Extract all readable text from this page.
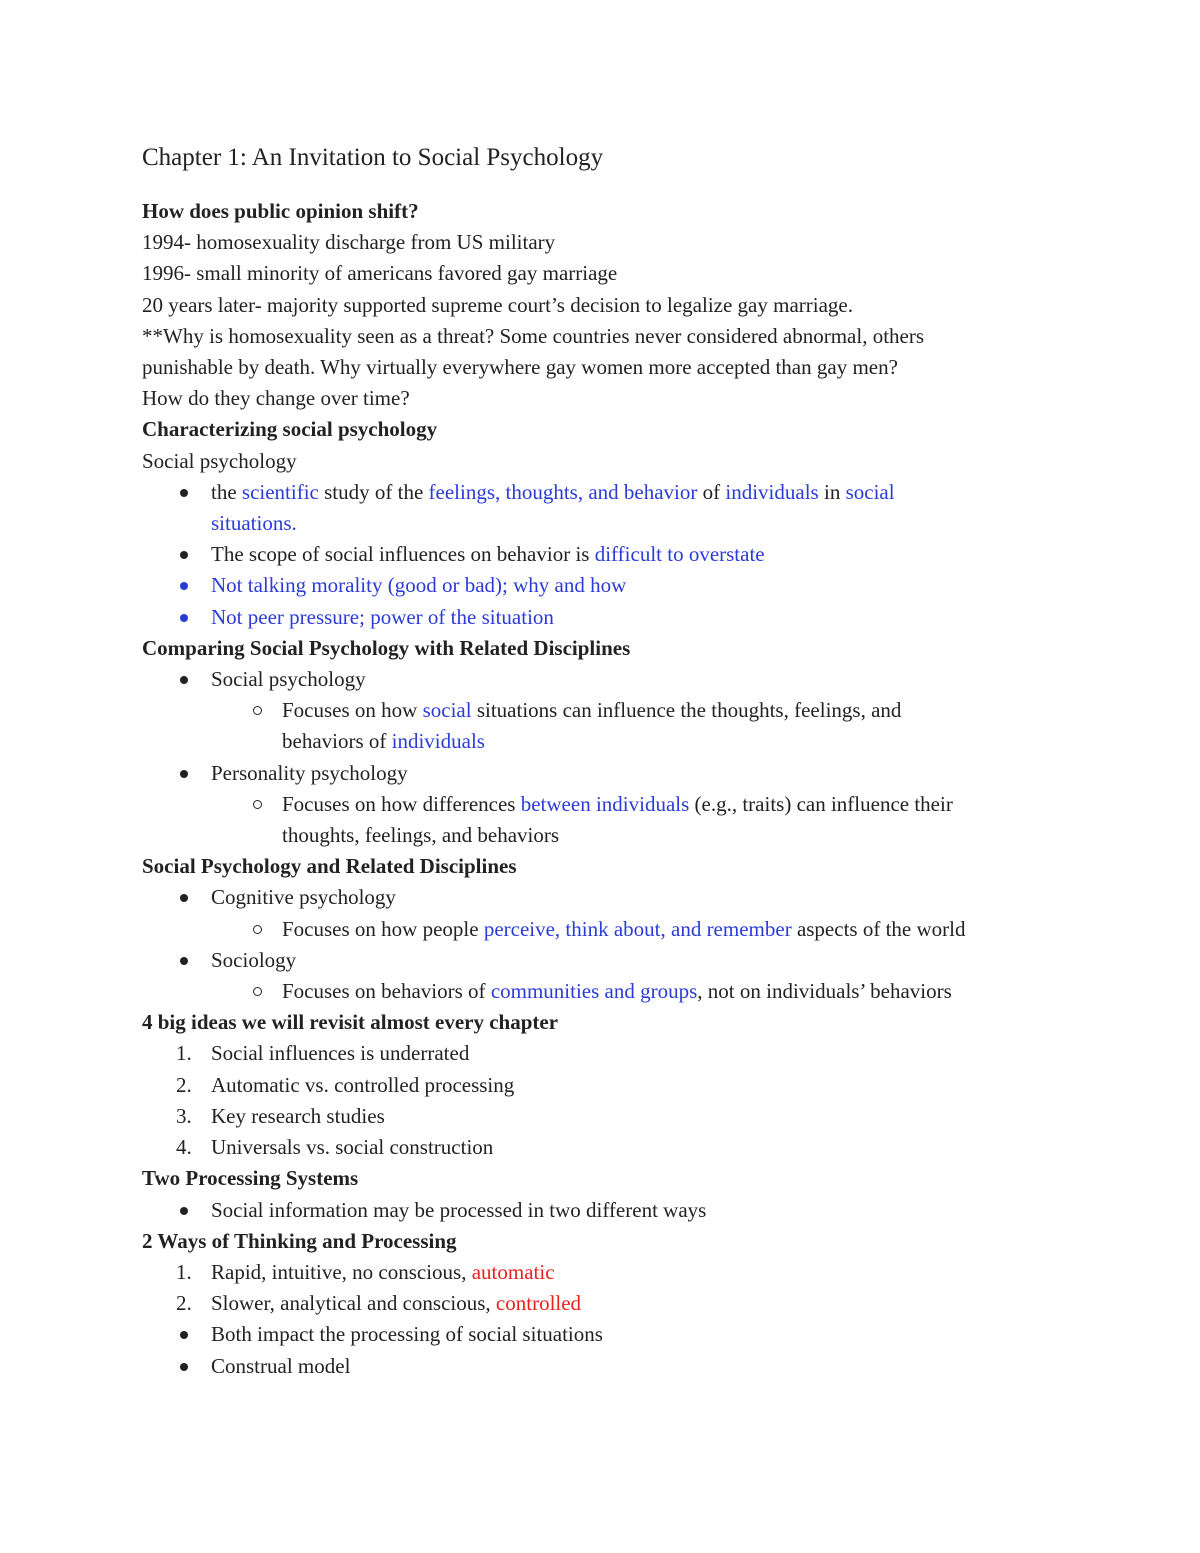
Chapter 1: An Invitation to Social Psychology
How does public opinion shift?
1994- homosexuality discharge from US military
1996- small minority of americans favored gay marriage
20 years later- majority supported supreme court’s decision to legalize gay marriage.
**Why is homosexuality seen as a threat? Some countries never considered abnormal, others
punishable by death. Why virtually everywhere gay women more accepted than gay men?
How do they change over time?
Characterizing social psychology
Social psychology
the scientific study of the feelings, thoughts, and behavior of individuals in social
situations.
The scope of social influences on behavior is difficult to overstate
Not talking morality (good or bad); why and how
Not peer pressure; power of the situation
Comparing Social Psychology with Related Disciplines
Social psychology
Focuses on how social situations can influence the thoughts, feelings, and
behaviors of individuals
Personality psychology
Focuses on how differences between individuals (e.g., traits) can influence their
thoughts, feelings, and behaviors
Social Psychology and Related Disciplines
Cognitive psychology
Focuses on how people perceive, think about, and remember aspects of the world
Sociology
Focuses on behaviors of communities and groups, not on individuals’ behaviors
4 big ideas we will revisit almost every chapter
1. Social influences is underrated
2. Automatic vs. controlled processing
3. Key research studies
4. Universals vs. social construction
Two Processing Systems
Social information may be processed in two different ways
2 Ways of Thinking and Processing
1. Rapid, intuitive, no conscious, automatic
2. Slower, analytical and conscious, controlled
Both impact the processing of social situations
Construal model
